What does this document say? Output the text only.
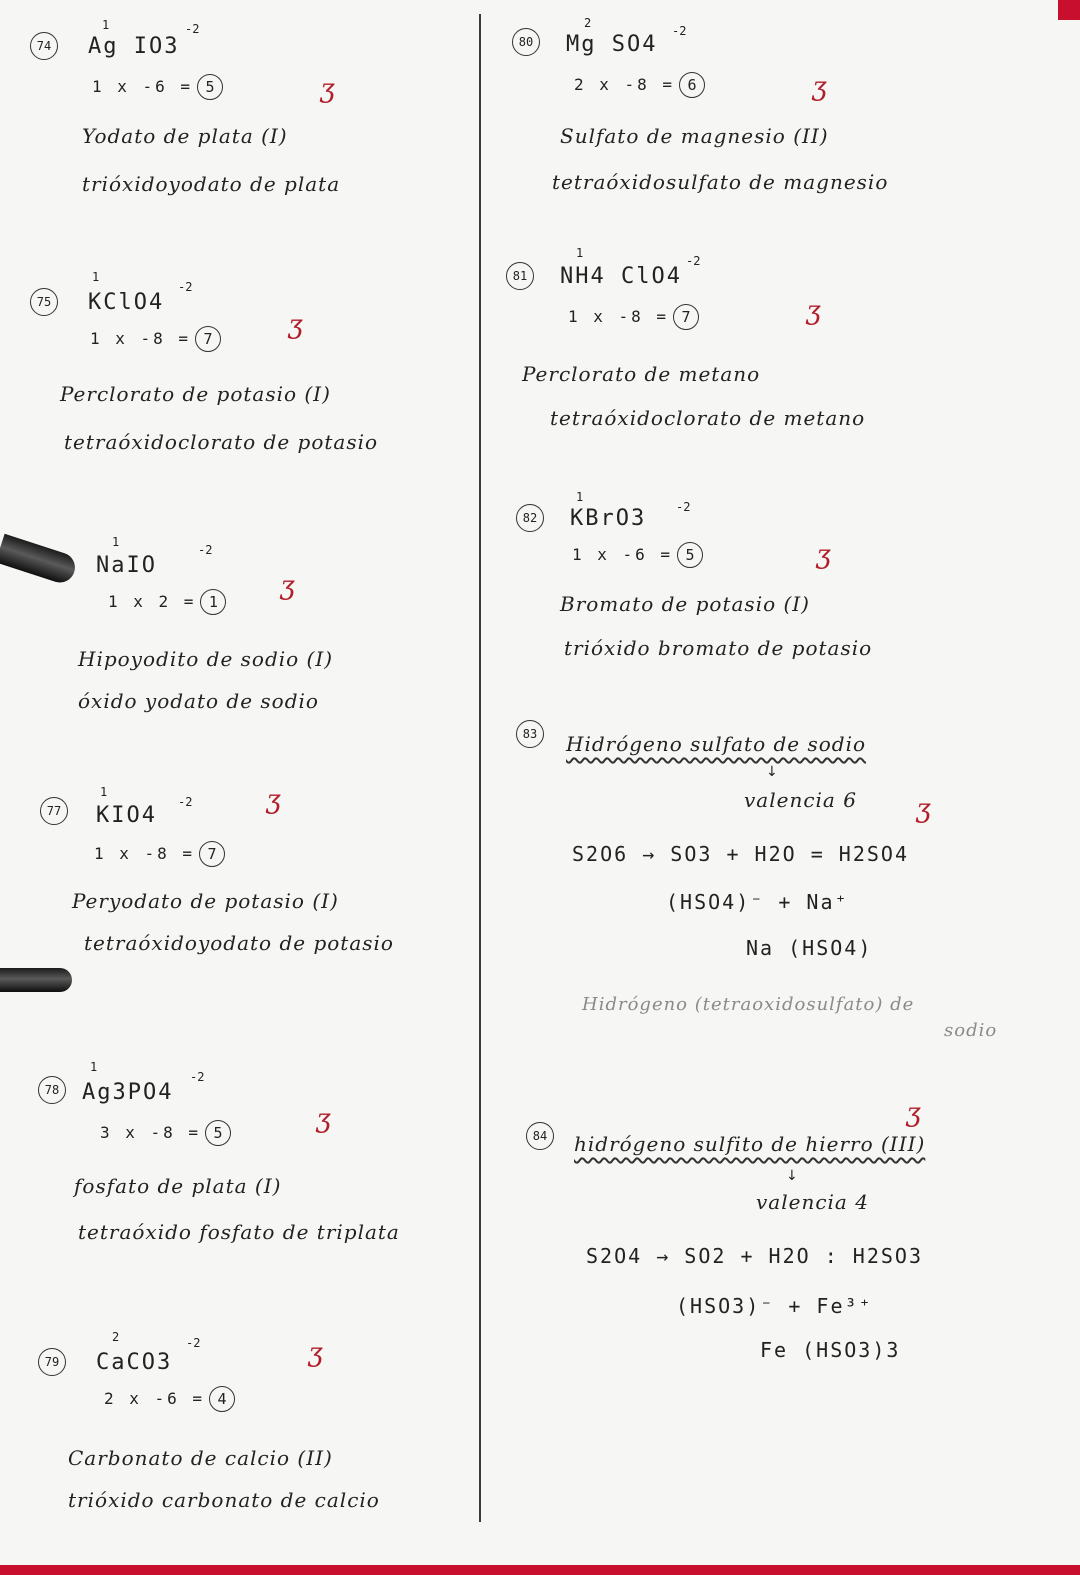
74
1	-2
Ag IO3
1 x -6 = 5	ʒ
Yodato de plata (I)
trióxidoyodato de plata
75
1
-2
KClO4
1 x -8 = 7	ʒ
Perclorato de potasio (I)
tetraóxidoclorato de potasio
1
-2
NaIO
1 x 2 = 1
ʒ
Hipoyodito de sodio (I)
óxido yodato de sodio
77
1
-2
KIO4
1 x -8 = 7
ʒ
Peryodato de potasio (I)
tetraóxidoyodato de potasio
78
1
-2
Ag3PO4
3 x -8 = 5	ʒ
fosfato de plata (I)
tetraóxido fosfato de triplata
79
2	-2
CaCO3
2 x -6 = 4
ʒ
Carbonato de calcio (II)
trióxido carbonato de calcio
80
2
-2
Mg SO4
2 x -8 = 6	ʒ
Sulfato de magnesio (II)
tetraóxidosulfato de magnesio
81
1
-2
NH4 ClO4
1 x -8 = 7	ʒ
Perclorato de metano
tetraóxidoclorato de metano
82
1
-2
KBrO3
1 x -6 = 5	ʒ
Bromato de potasio (I)
trióxido bromato de potasio
83	Hidrógeno sulfato de sodio
↓
valencia 6 ʒ
S2O6 → SO3 + H2O = H2SO4
(HSO4)⁻ + Na⁺
Na (HSO4)
Hidrógeno (tetraoxidosulfato) de
sodio
ʒ
84	hidrógeno sulfito de hierro (III)
↓
valencia 4
S2O4 → SO2 + H2O : H2SO3
(HSO3)⁻ + Fe³⁺
Fe (HSO3)3
